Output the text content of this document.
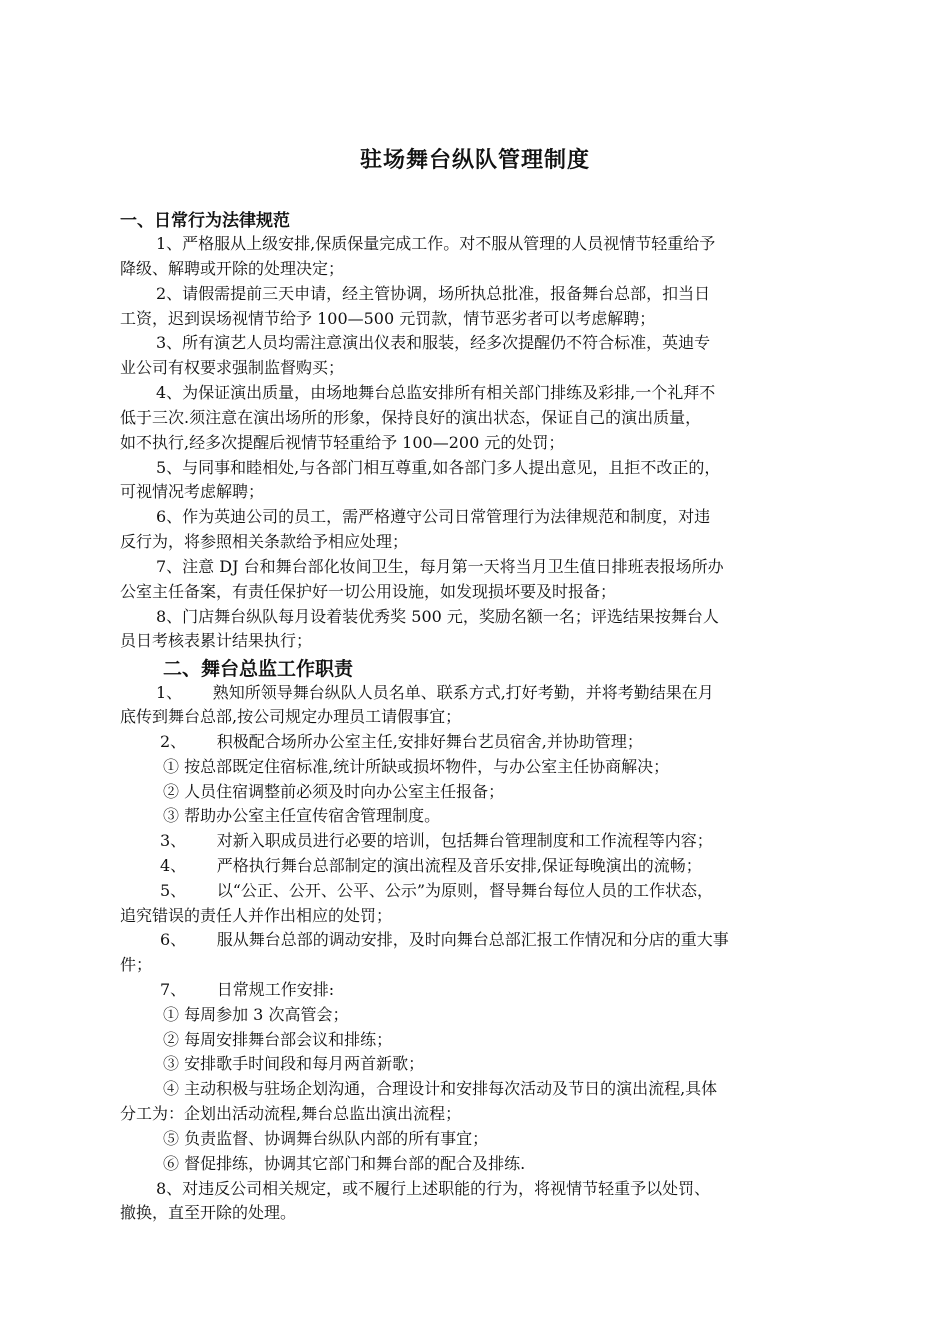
驻场舞台纵队管理制度
一、日常行为法律规范
1、严格服从上级安排,保质保量完成工作。对不服从管理的人员视情节轻重给予
降级、解聘或开除的处理决定；
2、请假需提前三天申请，经主管协调，场所执总批准，报备舞台总部，扣当日
工资，迟到误场视情节给予 100—500 元罚款，情节恶劣者可以考虑解聘；
3、所有演艺人员均需注意演出仪表和服装，经多次提醒仍不符合标准，英迪专
业公司有权要求强制监督购买；
4、为保证演出质量，由场地舞台总监安排所有相关部门排练及彩排,一个礼拜不
低于三次.须注意在演出场所的形象，保持良好的演出状态，保证自己的演出质量，
如不执行,经多次提醒后视情节轻重给予 100—200 元的处罚；
5、与同事和睦相处,与各部门相互尊重,如各部门多人提出意见，且拒不改正的，
可视情况考虑解聘；
6、作为英迪公司的员工，需严格遵守公司日常管理行为法律规范和制度，对违
反行为，将参照相关条款给予相应处理；
7、注意 DJ 台和舞台部化妆间卫生，每月第一天将当月卫生值日排班表报场所办
公室主任备案，有责任保护好一切公用设施，如发现损坏要及时报备；
8、门店舞台纵队每月设着装优秀奖 500 元，奖励名额一名；评选结果按舞台人
员日考核表累计结果执行；
二、舞台总监工作职责
1、      熟知所领导舞台纵队人员名单、联系方式,打好考勤，并将考勤结果在月
底传到舞台总部,按公司规定办理员工请假事宜；
2、      积极配合场所办公室主任,安排好舞台艺员宿舍,并协助管理；
① 按总部既定住宿标准,统计所缺或损坏物件，与办公室主任协商解决；
② 人员住宿调整前必须及时向办公室主任报备；
③ 帮助办公室主任宣传宿舍管理制度。
3、      对新入职成员进行必要的培训，包括舞台管理制度和工作流程等内容；
4、      严格执行舞台总部制定的演出流程及音乐安排,保证每晚演出的流畅；
5、      以“公正、公开、公平、公示”为原则，督导舞台每位人员的工作状态，
追究错误的责任人并作出相应的处罚；
6、      服从舞台总部的调动安排，及时向舞台总部汇报工作情况和分店的重大事
件；
7、      日常规工作安排:
① 每周参加 3 次高管会；
② 每周安排舞台部会议和排练；
③ 安排歌手时间段和每月两首新歌；
④ 主动积极与驻场企划沟通，合理设计和安排每次活动及节日的演出流程,具体
分工为：企划出活动流程,舞台总监出演出流程；
⑤ 负责监督、协调舞台纵队内部的所有事宜；
⑥ 督促排练，协调其它部门和舞台部的配合及排练.
8、对违反公司相关规定，或不履行上述职能的行为，将视情节轻重予以处罚、
撤换，直至开除的处理。
